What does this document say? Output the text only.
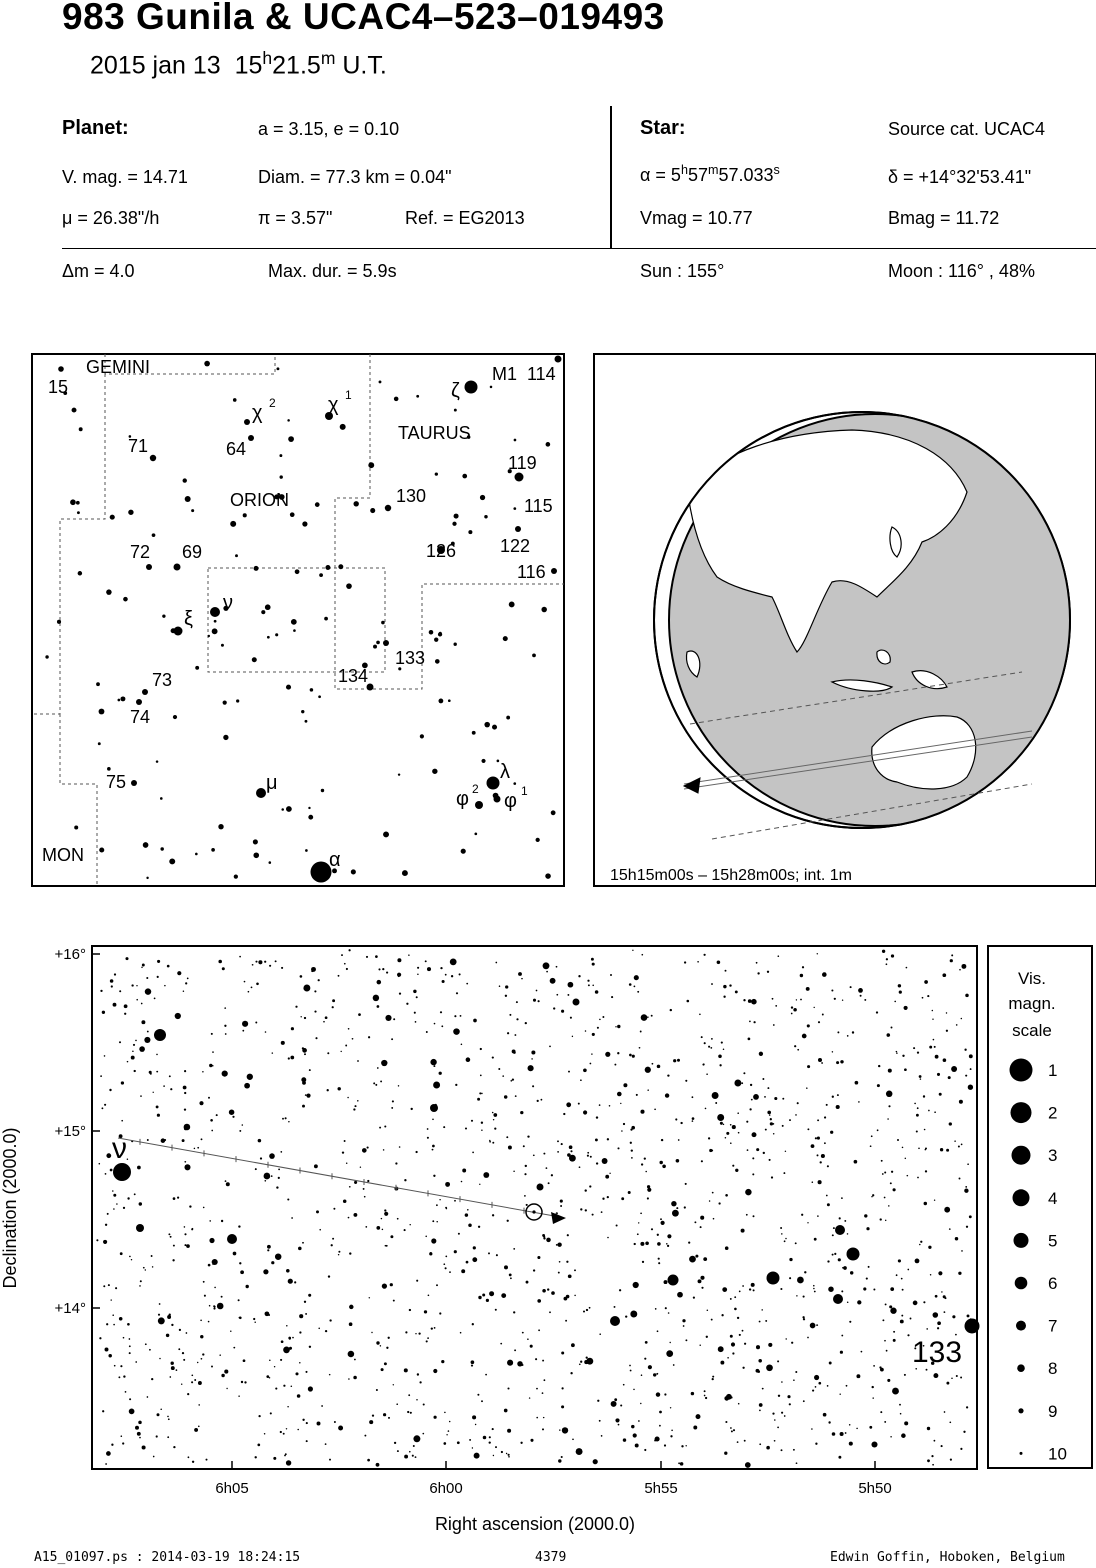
983 Gunila & UCAC4–523–019493
2015 jan 13 15$^h$21.5$^m$ U.T.
Planet:	a = 3.15, e = 0.10
V. mag. = 14.71	Diam. = 77.3 km = 0.04"
μ = 26.38"/h	π = 3.57"	Ref. = EG2013
Δm = 4.0	Max. dur. = 5.9s
Star:	Source cat. UCAC4
$\alpha = 5^h57^m57.033^s$	δ = +14°32'53.41"
Vmag = 10.77	Bmag = 11.72
Sun : 155°	Moon : 116° , 48%
GEMINI
TAURUS
ORION
MON
15
M1 114
119
115
122
116
130
126
71	64
72 69
73
74
133
134
75
χ 2	χ 1	ζ
ν
ξ
μ	λ
φ 2
φ 1
α
15h15m00s – 15h28m00s; int. 1m
+16°
+15°
+14°
6h05	6h00	5h55	5h50
Right ascension (2000.0)
Declination (2000.0)	ν
133
Vis.
magn.
scale
1
2
3
4
5
6
7
8
9
10
A15_01097.ps : 2014-03-19 18:24:15	4379	Edwin Goffin, Hoboken, Belgium
